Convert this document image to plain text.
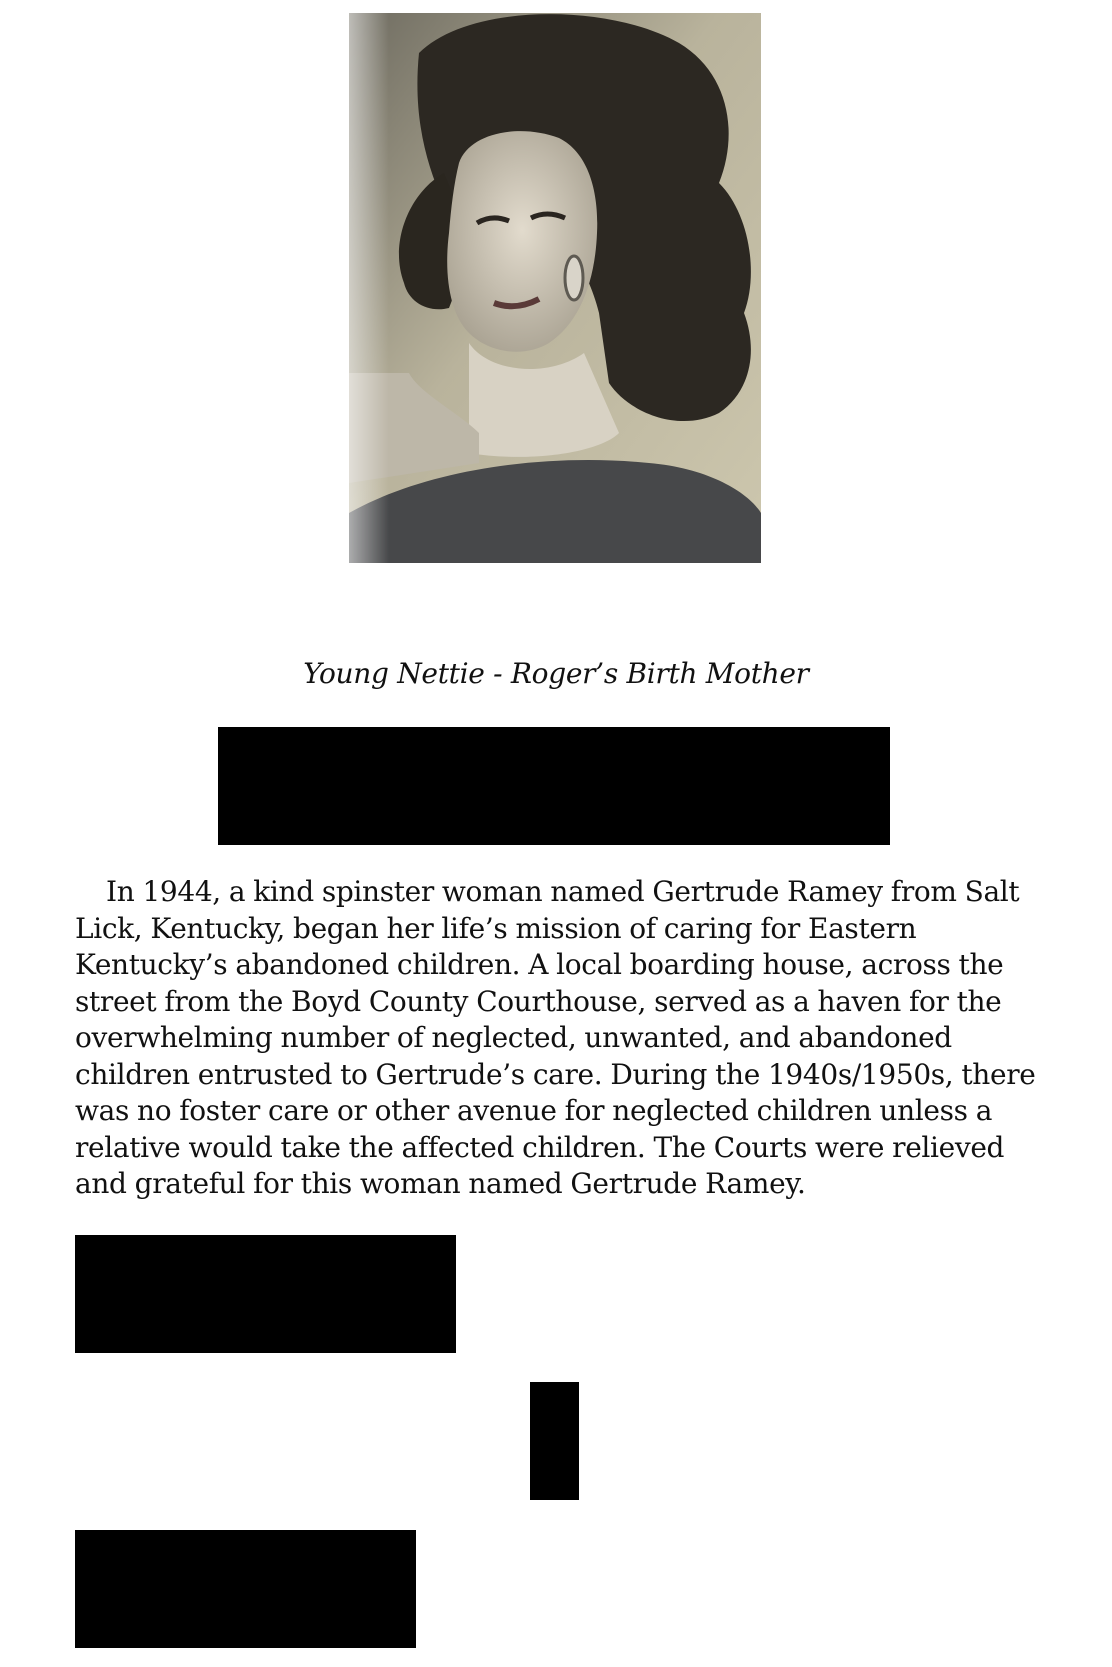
Young Nettie - Roger’s Birth Mother

In 1944, a kind spinster woman named Gertrude Ramey from Salt Lick, Kentucky, began her life’s mission of caring for Eastern Kentucky’s abandoned children. A local boarding house, across the street from the Boyd County Courthouse, served as a haven for the overwhelming number of neglected, unwanted, and abandoned children entrusted to Gertrude’s care. During the 1940s/1950s, there was no foster care or other avenue for neglected children unless a relative would take the affected children. The Courts were relieved and grateful for this woman named Gertrude Ramey.
